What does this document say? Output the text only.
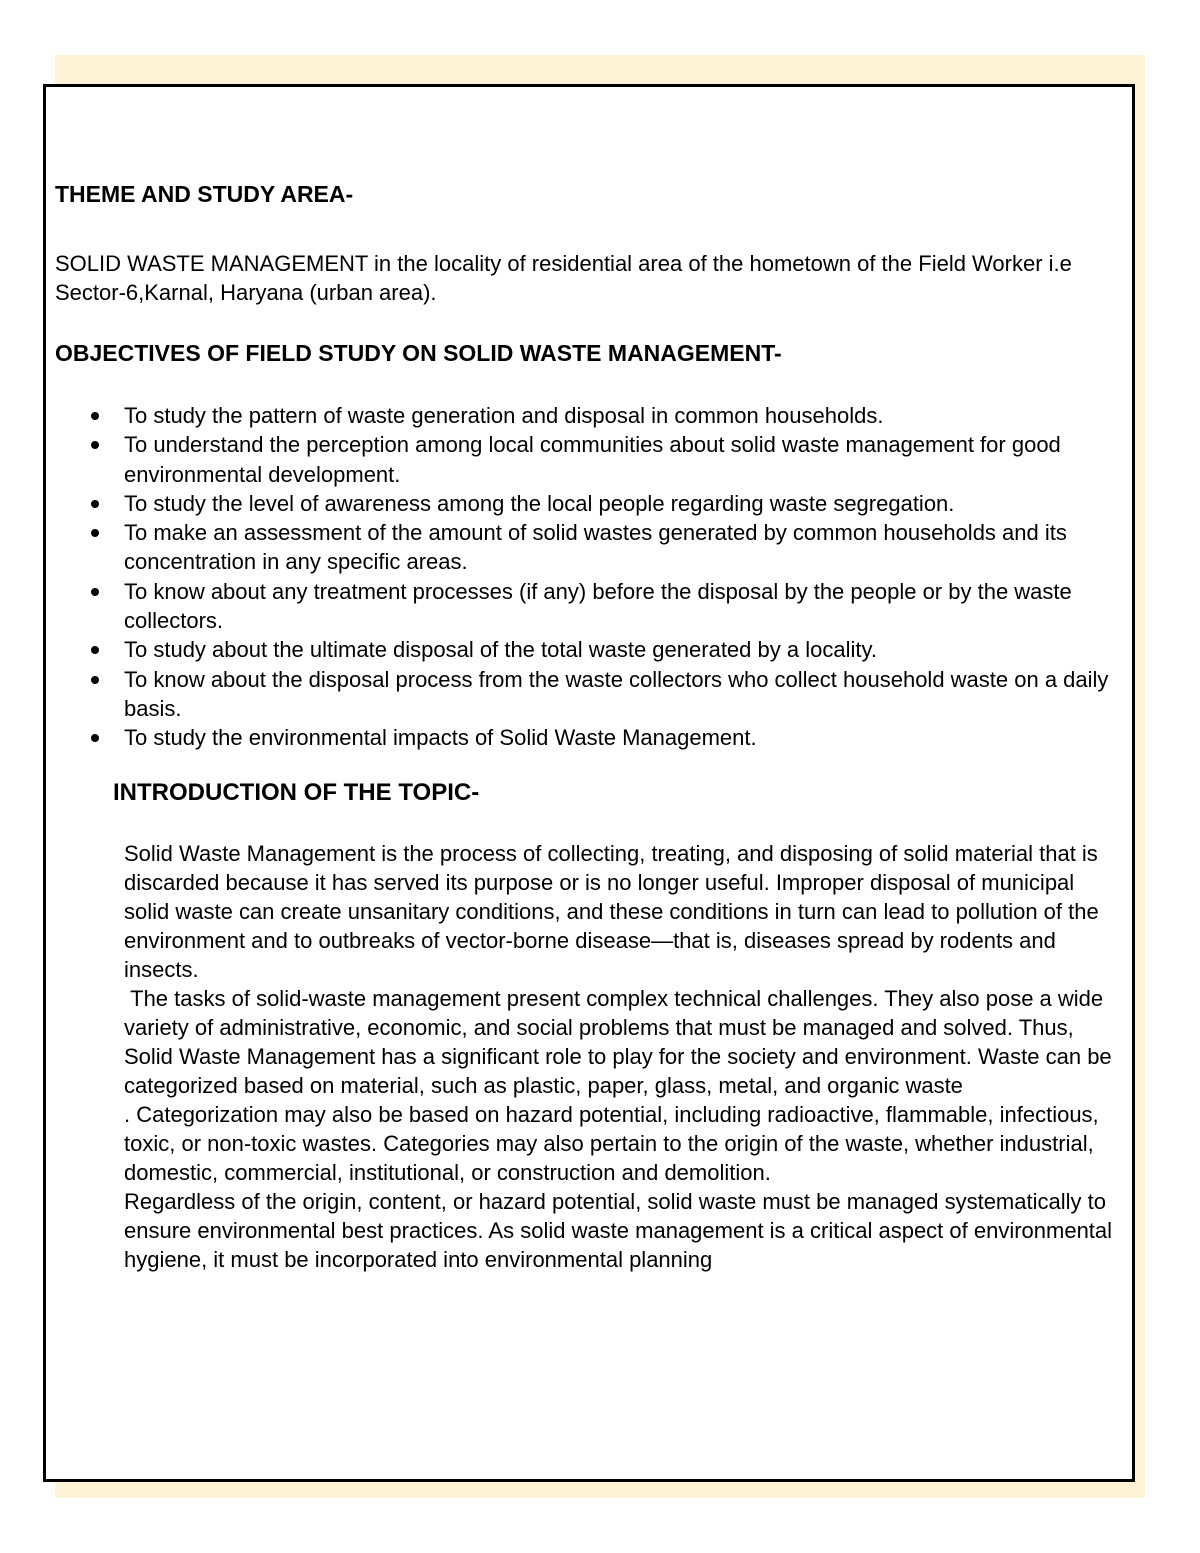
THEME AND STUDY AREA-
SOLID WASTE MANAGEMENT in the locality of residential area of the hometown of the Field Worker i.e Sector-6,Karnal, Haryana (urban area).
OBJECTIVES OF FIELD STUDY ON SOLID WASTE MANAGEMENT-
To study the pattern of waste generation and disposal in common households.
To understand the perception among local communities about solid waste management for good environmental development.
To study the level of awareness among the local people regarding waste segregation.
To make an assessment of the amount of solid wastes generated by common households and its concentration in any specific areas.
To know about any treatment processes (if any) before the disposal by the people or by the waste collectors.
To study about the ultimate disposal of the total waste generated by a locality.
To know about the disposal process from the waste collectors who collect household waste on a daily basis.
To study the environmental impacts of Solid Waste Management.
INTRODUCTION OF THE TOPIC-

Solid Waste Management is the process of collecting, treating, and disposing of solid material that is discarded because it has served its purpose or is no longer useful. Improper disposal of municipal solid waste can create unsanitary conditions, and these conditions in turn can lead to pollution of the environment and to outbreaks of vector-borne disease—that is, diseases spread by rodents and insects.

The tasks of solid-waste management present complex technical challenges. They also pose a wide variety of administrative, economic, and social problems that must be managed and solved. Thus, Solid Waste Management has a significant role to play for the society and environment. Waste can be categorized based on material, such as plastic, paper, glass, metal, and organic waste

. Categorization may also be based on hazard potential, including radioactive, flammable, infectious, toxic, or non-toxic wastes. Categories may also pertain to the origin of the waste, whether industrial, domestic, commercial, institutional, or construction and demolition.

Regardless of the origin, content, or hazard potential, solid waste must be managed systematically to ensure environmental best practices. As solid waste management is a critical aspect of environmental hygiene, it must be incorporated into environmental planning
